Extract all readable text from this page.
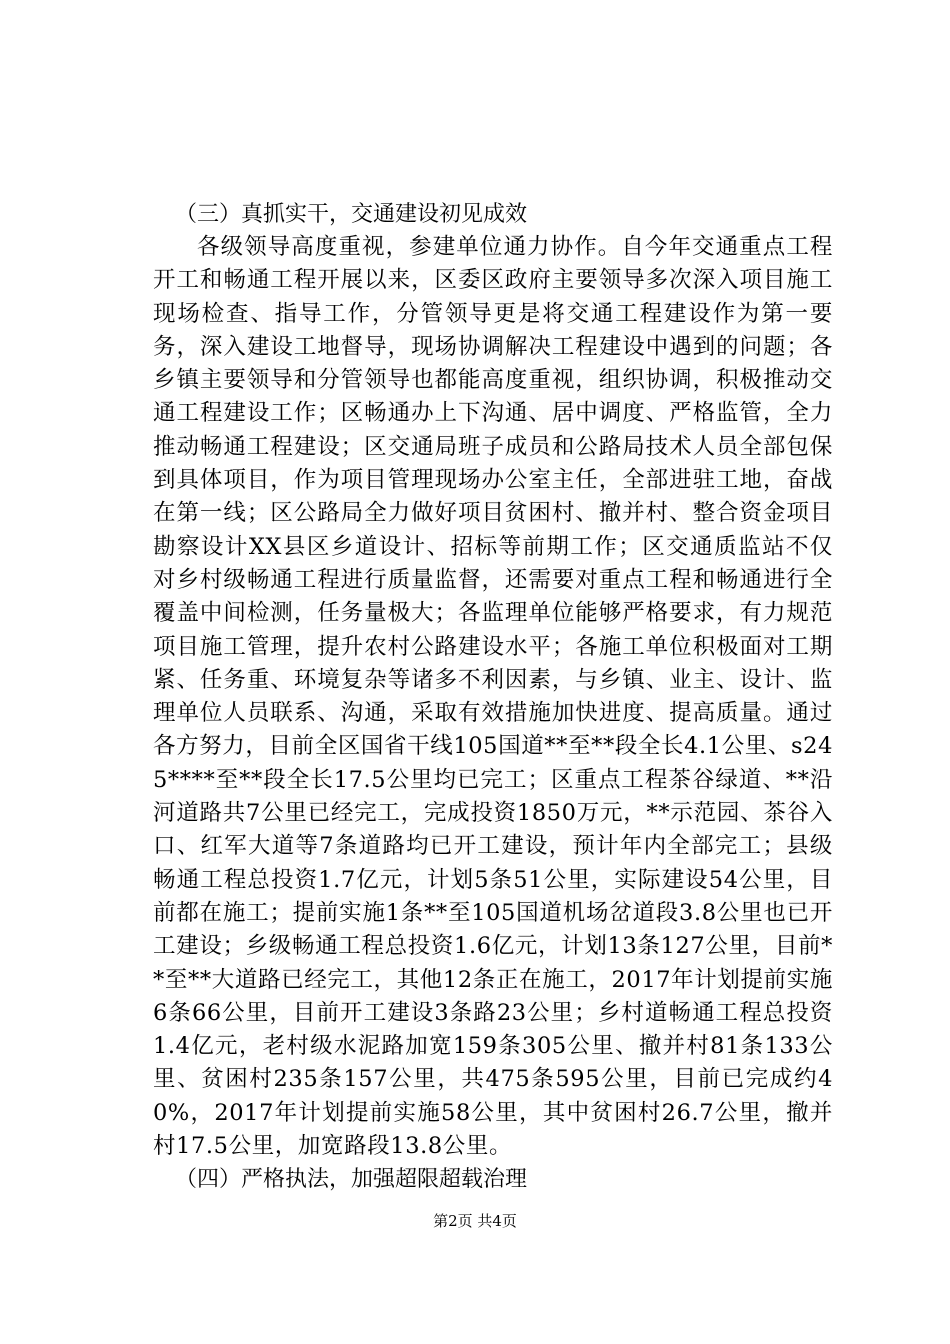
（三）真抓实干，交通建设初见成效

各级领导高度重视，参建单位通力协作。自今年交通重点工程开工和畅通工程开展以来，区委区政府主要领导多次深入项目施工现场检查、指导工作，分管领导更是将交通工程建设作为第一要务，深入建设工地督导，现场协调解决工程建设中遇到的问题；各乡镇主要领导和分管领导也都能高度重视，组织协调，积极推动交通工程建设工作；区畅通办上下沟通、居中调度、严格监管，全力推动畅通工程建设；区交通局班子成员和公路局技术人员全部包保到具体项目，作为项目管理现场办公室主任，全部进驻工地，奋战在第一线；区公路局全力做好项目贫困村、撤并村、整合资金项目勘察设计XX县区乡道设计、招标等前期工作；区交通质监站不仅对乡村级畅通工程进行质量监督，还需要对重点工程和畅通进行全覆盖中间检测，任务量极大；各监理单位能够严格要求，有力规范项目施工管理，提升农村公路建设水平；各施工单位积极面对工期紧、任务重、环境复杂等诸多不利因素，与乡镇、业主、设计、监理单位人员联系、沟通，采取有效措施加快进度、提高质量。通过各方努力，目前全区国省干线105国道**至**段全长4.1公里、s245****至**段全长17.5公里均已完工；区重点工程茶谷绿道、**沿河道路共7公里已经完工，完成投资1850万元，**示范园、茶谷入口、红军大道等7条道路均已开工建设，预计年内全部完工；县级畅通工程总投资1.7亿元，计划5条51公里，实际建设54公里，目前都在施工；提前实施1条**至105国道机场岔道段3.8公里也已开工建设；乡级畅通工程总投资1.6亿元，计划13条127公里，目前**至**大道路已经完工，其他12条正在施工，2017年计划提前实施6条66公里，目前开工建设3条路23公里；乡村道畅通工程总投资1.4亿元，老村级水泥路加宽159条305公里、撤并村81条133公里、贫困村235条157公里，共475条595公里，目前已完成约40%，2017年计划提前实施58公里，其中贫困村26.7公里，撤并村17.5公里，加宽路段13.8公里。

（四）严格执法，加强超限超载治理

第2页 共4页
